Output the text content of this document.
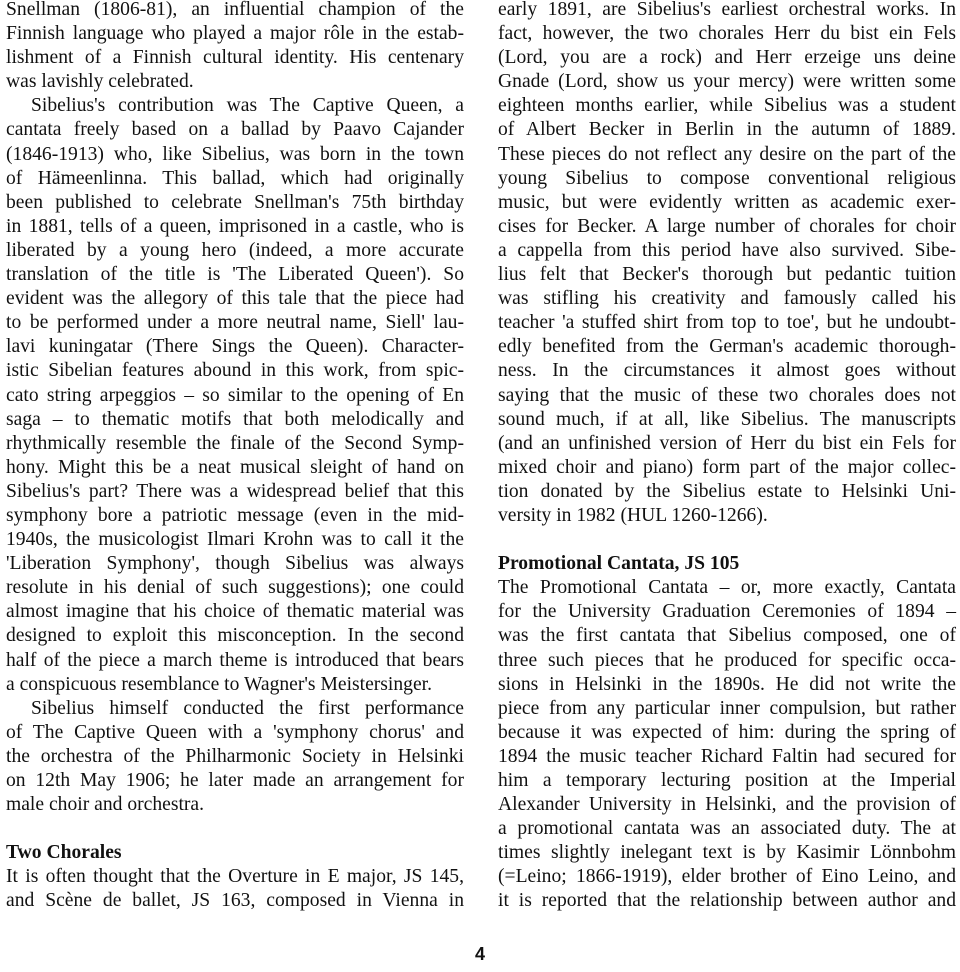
Snellman (1806-81), an influential champion of the
Finnish language who played a major rôle in the estab-
lishment of a Finnish cultural identity. His centenary
was lavishly celebrated.
Sibelius's contribution was The Captive Queen, a
cantata freely based on a ballad by Paavo Cajander
(1846-1913) who, like Sibelius, was born in the town
of Hämeenlinna. This ballad, which had originally
been published to celebrate Snellman's 75th birthday
in 1881, tells of a queen, imprisoned in a castle, who is
liberated by a young hero (indeed, a more accurate
translation of the title is 'The Liberated Queen'). So
evident was the allegory of this tale that the piece had
to be performed under a more neutral name, Siell' lau-
lavi kuningatar (There Sings the Queen). Character-
istic Sibelian features abound in this work, from spic-
cato string arpeggios – so similar to the opening of En
saga – to thematic motifs that both melodically and
rhythmically resemble the finale of the Second Symp-
hony. Might this be a neat musical sleight of hand on
Sibelius's part? There was a widespread belief that this
symphony bore a patriotic message (even in the mid-
1940s, the musicologist Ilmari Krohn was to call it the
'Liberation Symphony', though Sibelius was always
resolute in his denial of such suggestions); one could
almost imagine that his choice of thematic material was
designed to exploit this misconception. In the second
half of the piece a march theme is introduced that bears
a conspicuous resemblance to Wagner's Meistersinger.
Sibelius himself conducted the first performance
of The Captive Queen with a 'symphony chorus' and
the orchestra of the Philharmonic Society in Helsinki
on 12th May 1906; he later made an arrangement for
male choir and orchestra.
Two Chorales
It is often thought that the Overture in E major, JS 145,
and Scène de ballet, JS 163, composed in Vienna in
early 1891, are Sibelius's earliest orchestral works. In
fact, however, the two chorales Herr du bist ein Fels
(Lord, you are a rock) and Herr erzeige uns deine
Gnade (Lord, show us your mercy) were written some
eighteen months earlier, while Sibelius was a student
of Albert Becker in Berlin in the autumn of 1889.
These pieces do not reflect any desire on the part of the
young Sibelius to compose conventional religious
music, but were evidently written as academic exer-
cises for Becker. A large number of chorales for choir
a cappella from this period have also survived. Sibe-
lius felt that Becker's thorough but pedantic tuition
was stifling his creativity and famously called his
teacher 'a stuffed shirt from top to toe', but he undoubt-
edly benefited from the German's academic thorough-
ness. In the circumstances it almost goes without
saying that the music of these two chorales does not
sound much, if at all, like Sibelius. The manuscripts
(and an unfinished version of Herr du bist ein Fels for
mixed choir and piano) form part of the major collec-
tion donated by the Sibelius estate to Helsinki Uni-
versity in 1982 (HUL 1260-1266).
Promotional Cantata, JS 105
The Promotional Cantata – or, more exactly, Cantata
for the University Graduation Ceremonies of 1894 –
was the first cantata that Sibelius composed, one of
three such pieces that he produced for specific occa-
sions in Helsinki in the 1890s. He did not write the
piece from any particular inner compulsion, but rather
because it was expected of him: during the spring of
1894 the music teacher Richard Faltin had secured for
him a temporary lecturing position at the Imperial
Alexander University in Helsinki, and the provision of
a promotional cantata was an associated duty. The at
times slightly inelegant text is by Kasimir Lönnbohm
(=Leino; 1866-1919), elder brother of Eino Leino, and
it is reported that the relationship between author and
4
